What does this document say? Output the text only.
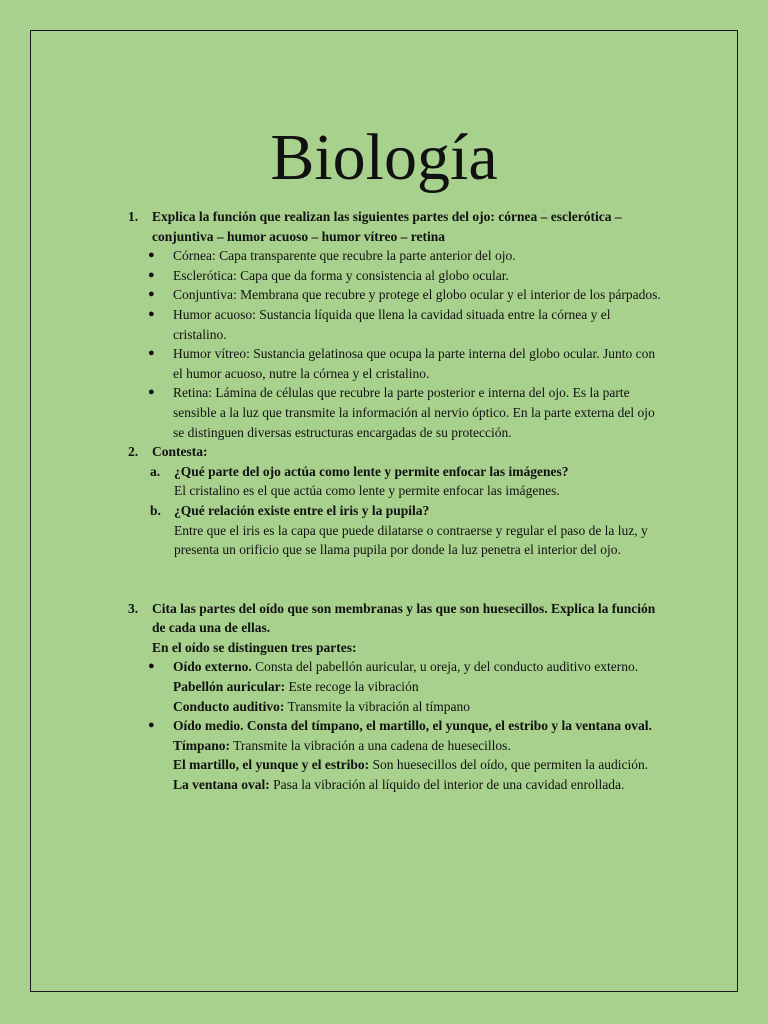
Biología
1. Explica la función que realizan las siguientes partes del ojo: córnea – esclerótica – conjuntiva – humor acuoso – humor vítreo – retina
● Córnea: Capa transparente que recubre la parte anterior del ojo.
● Esclerótica: Capa que da forma y consistencia al globo ocular.
● Conjuntiva: Membrana que recubre y protege el globo ocular y el interior de los párpados.
● Humor acuoso: Sustancia líquida que llena la cavidad situada entre la córnea y el cristalino.
● Humor vítreo: Sustancia gelatinosa que ocupa la parte interna del globo ocular. Junto con el humor acuoso, nutre la córnea y el cristalino.
● Retina: Lámina de células que recubre la parte posterior e interna del ojo. Es la parte sensible a la luz que transmite la información al nervio óptico. En la parte externa del ojo se distinguen diversas estructuras encargadas de su protección.
2. Contesta:
a. ¿Qué parte del ojo actúa como lente y permite enfocar las imágenes?
El cristalino es el que actúa como lente y permite enfocar las imágenes.
b. ¿Qué relación existe entre el iris y la pupila?
Entre que el iris es la capa que puede dilatarse o contraerse y regular el paso de la luz, y presenta un orificio que se llama pupila por donde la luz penetra el interior del ojo.
3. Cita las partes del oído que son membranas y las que son huesecillos. Explica la función de cada una de ellas.
En el oído se distinguen tres partes:
● Oído externo. Consta del pabellón auricular, u oreja, y del conducto auditivo externo.
Pabellón auricular: Este recoge la vibración
Conducto auditivo: Transmite la vibración al tímpano
● Oído medio. Consta del tímpano, el martillo, el yunque, el estribo y la ventana oval.
Tímpano: Transmite la vibración a una cadena de huesecillos.
El martillo, el yunque y el estribo: Son huesecillos del oído, que permiten la audición.
La ventana oval: Pasa la vibración al líquido del interior de una cavidad enrollada.
